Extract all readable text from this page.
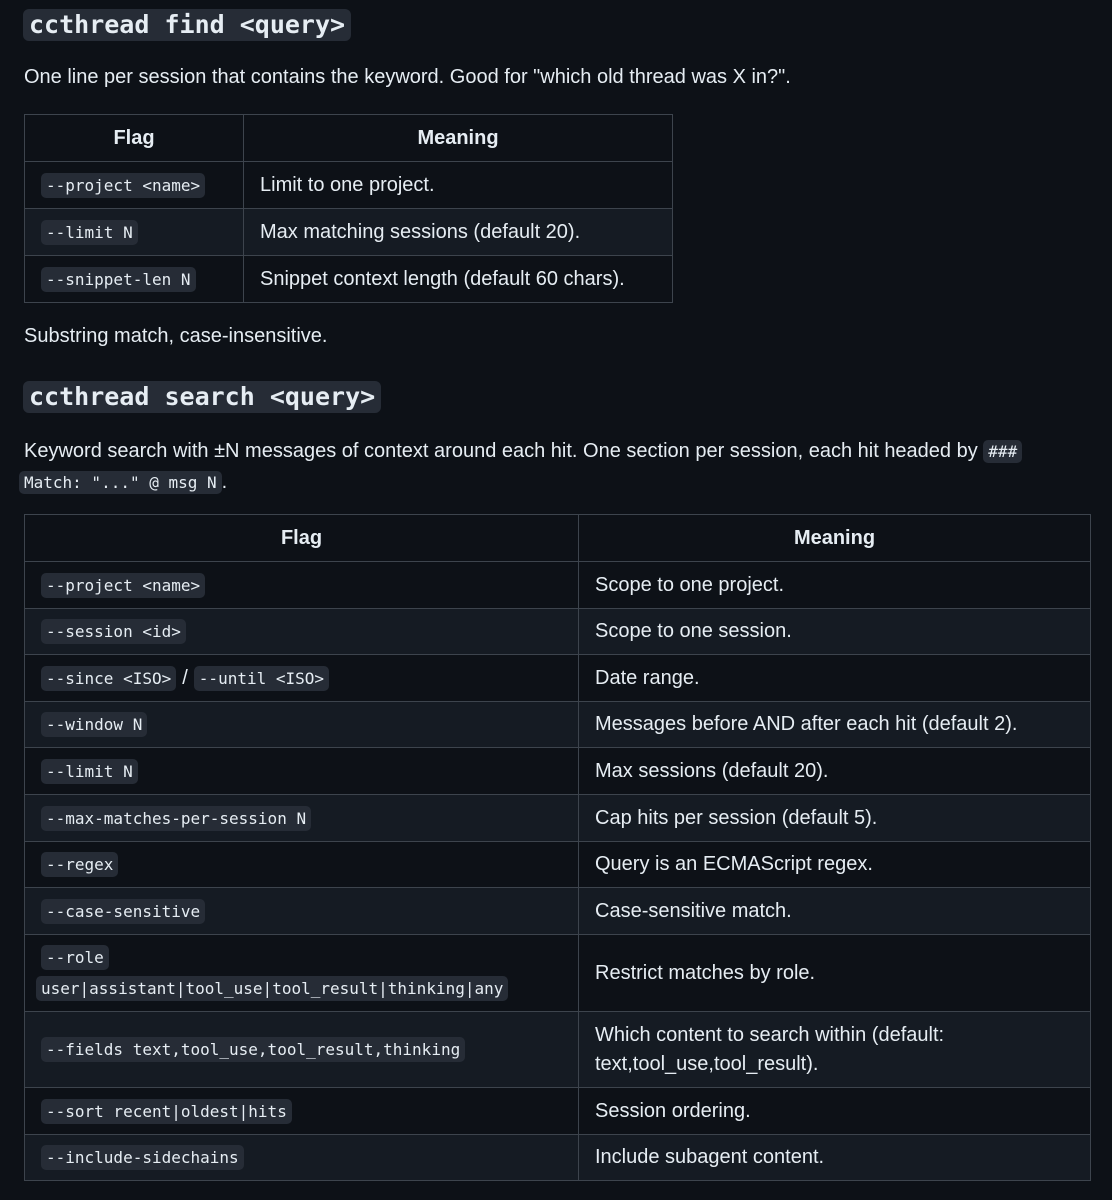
ccthread find <query>
One line per session that contains the keyword. Good for "which old thread was X in?".
Flag	Meaning
--project <name>	Limit to one project.
--limit N	Max matching sessions (default 20).
--snippet-len N	Snippet context length (default 60 chars).
Substring match, case-insensitive.
ccthread search <query>
Keyword search with ±N messages of context around each hit. One section per session, each hit headed by ###
Match: "..." @ msg N .
Flag	Meaning
--project <name>	Scope to one project.
--session <id>	Scope to one session.
--since <ISO> / --until <ISO>	Date range.
--window N	Messages before AND after each hit (default 2).
--limit N	Max sessions (default 20).
--max-matches-per-session N	Cap hits per session (default 5).
--regex	Query is an ECMAScript regex.
--case-sensitive	Case-sensitive match.
--role
user|assistant|tool_use|tool_result|thinking|any	Restrict matches by role.
--fields text,tool_use,tool_result,thinking	Which content to search within (default: text,tool_use,tool_result).
--sort recent|oldest|hits	Session ordering.
--include-sidechains	Include subagent content.
